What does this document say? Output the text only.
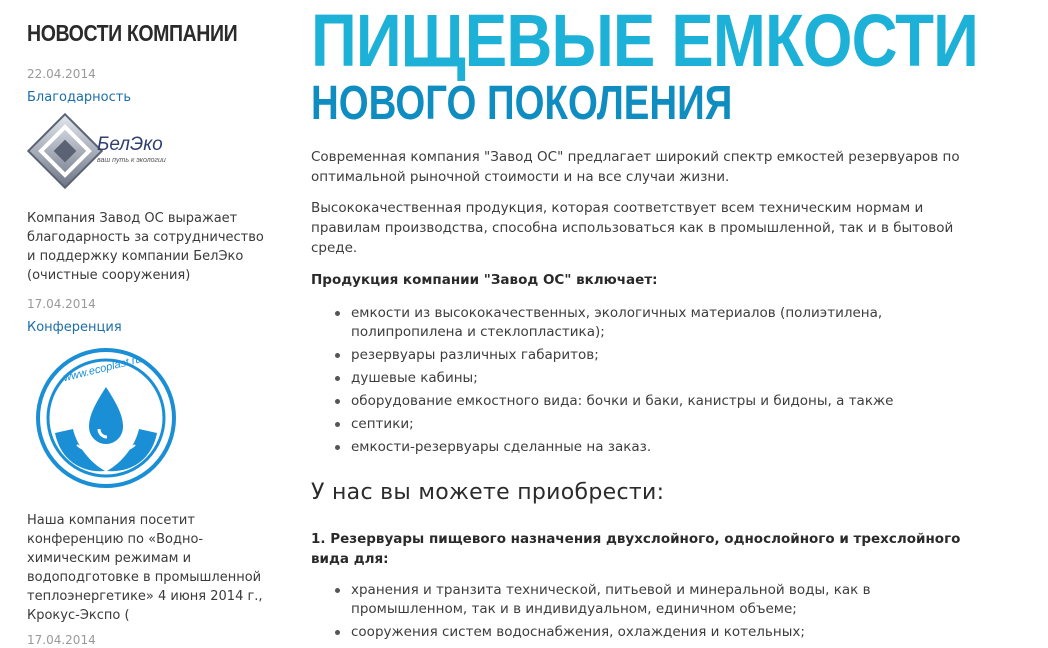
НОВОСТИ КОМПАНИИ

22.04.2014

Благодарность
БелЭко
ваш путь к экологии

Компания Завод ОС выражает благодарность за сотрудничество и поддержку компании БелЭко (очистные сооружения)

17.04.2014

Конференция
www.ecoplast.ru

Наша компания посетит конференцию по «Водно-химическим режимам и водоподготовке в промышленной теплоэнергетике» 4 июня 2014 г., Крокус-Экспо (

17.04.2014

ПИЩЕВЫЕ ЕМКОСТИ
НОВОГО ПОКОЛЕНИЯ

Современная компания "Завод ОС" предлагает широкий спектр емкостей резервуаров по оптимальной рыночной стоимости и на все случаи жизни.

Высококачественная продукция, которая соответствует всем техническим нормам и правилам производства, способна использоваться как в промышленной, так и в бытовой среде.

Продукция компании "Завод ОС" включает:

емкости из высококачественных, экологичных материалов (полиэтилена, полипропилена и стеклопластика);
резервуары различных габаритов;
душевые кабины;
оборудование емкостного вида: бочки и баки, канистры и бидоны, а также
септики;
емкости-резервуары сделанные на заказ.
У нас вы можете приобрести:

1. Резервуары пищевого назначения двухслойного, однослойного и трехслойного вида для:

хранения и транзита технической, питьевой и минеральной воды, как в промышленном, так и в индивидуальном, единичном объеме;
сооружения систем водоснабжения, охлаждения и котельных;
